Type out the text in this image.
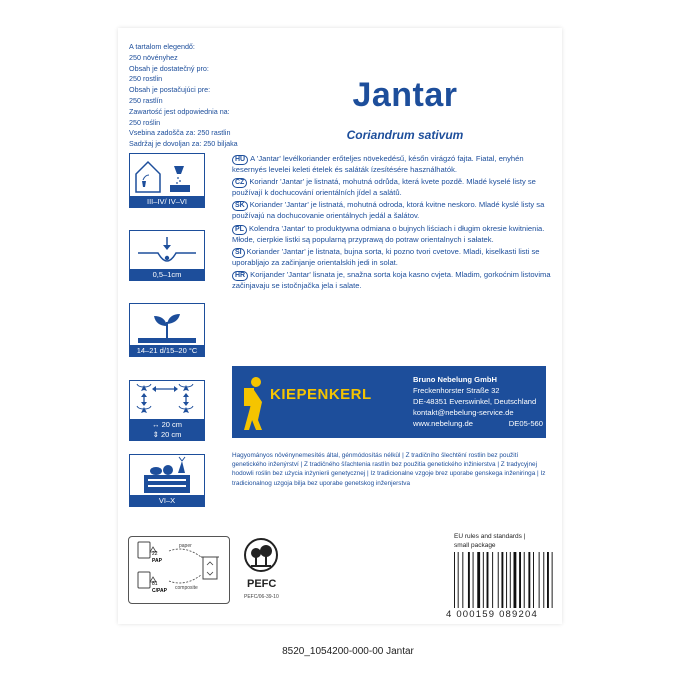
A tartalom elegendő:
250 növényhez
Obsah je dostatečný pro:
250 rostlin
Obsah je postačujúci pre:
250 rastlín
Zawartość jest odpowiednia na:
250 roślin
Vsebina zadošča za: 250 rastlin
Sadržaj je dovoljan za: 250 biljaka
Jantar
Coriandrum sativum
III–IV/ IV–VI
0,5–1cm
14–21 d/15–20 °C
↔ 20 cm
⇕ 20 cm
VI–X
HU A 'Jantar' levélkoriander erőteljes növekedésű, későn virágzó fajta. Fiatal, enyhén kesernyés levelei keleti ételek és saláták ízesítésére használhatók.
CZ Koriandr 'Jantar' je listnatá, mohutná odrůda, která kvete pozdě. Mladé kyselé listy se používají k dochucování orientálních jídel a salátů.
SK Koriander 'Jantar' je listnatá, mohutná odroda, ktorá kvitne neskoro. Mladé kyslé listy sa používajú na dochucovanie orientálnych jedál a šalátov.
PL Kolendra 'Jantar' to produktywna odmiana o bujnych liściach i długim okresie kwitnienia. Młode, cierpkie listki są popularną przyprawą do potraw orientalnych i sałatek.
SI Koriander 'Jantar' je listnata, bujna sorta, ki pozno tvori cvetove. Mladi, kiselkasti listi se uporabljajo za začinjanje orientalskih jedi in solat.
HR Korijander 'Jantar' lisnata je, snažna sorta koja kasno cvjeta. Mladim, gorkoćnim listovima začinjavaju se istočnjačka jela i salate.
KIEPENKERL
Bruno Nebelung GmbH
Freckenhorster Straße 32
DE-48351 Everswinkel, Deutschland
kontakt@nebelung-service.de
www.nebelung.de	DE05-560
Hagyományos növénynemesítés által, génmódosítás nélkül | Z tradičního šlechtění rostlin bez použití genetického inženýrství | Z tradičného šľachtenia rastlín bez použitia genetického inžinierstva | Z tradycyjnej hodowli roślin bez użycia inżynierii genetycznej | Iz tradicionalne vzgoje brez uporabe genskega inženiringa | Iz tradicionalnog uzgoja bilja bez uporabe genetskog inženjerstva
22
PAP
81
C/PAP
paper
composite	PEFC
PEFC/06-39-10
EU rules and standards |
small package
4 000159 089204
8520_1054200-000-00 Jantar
